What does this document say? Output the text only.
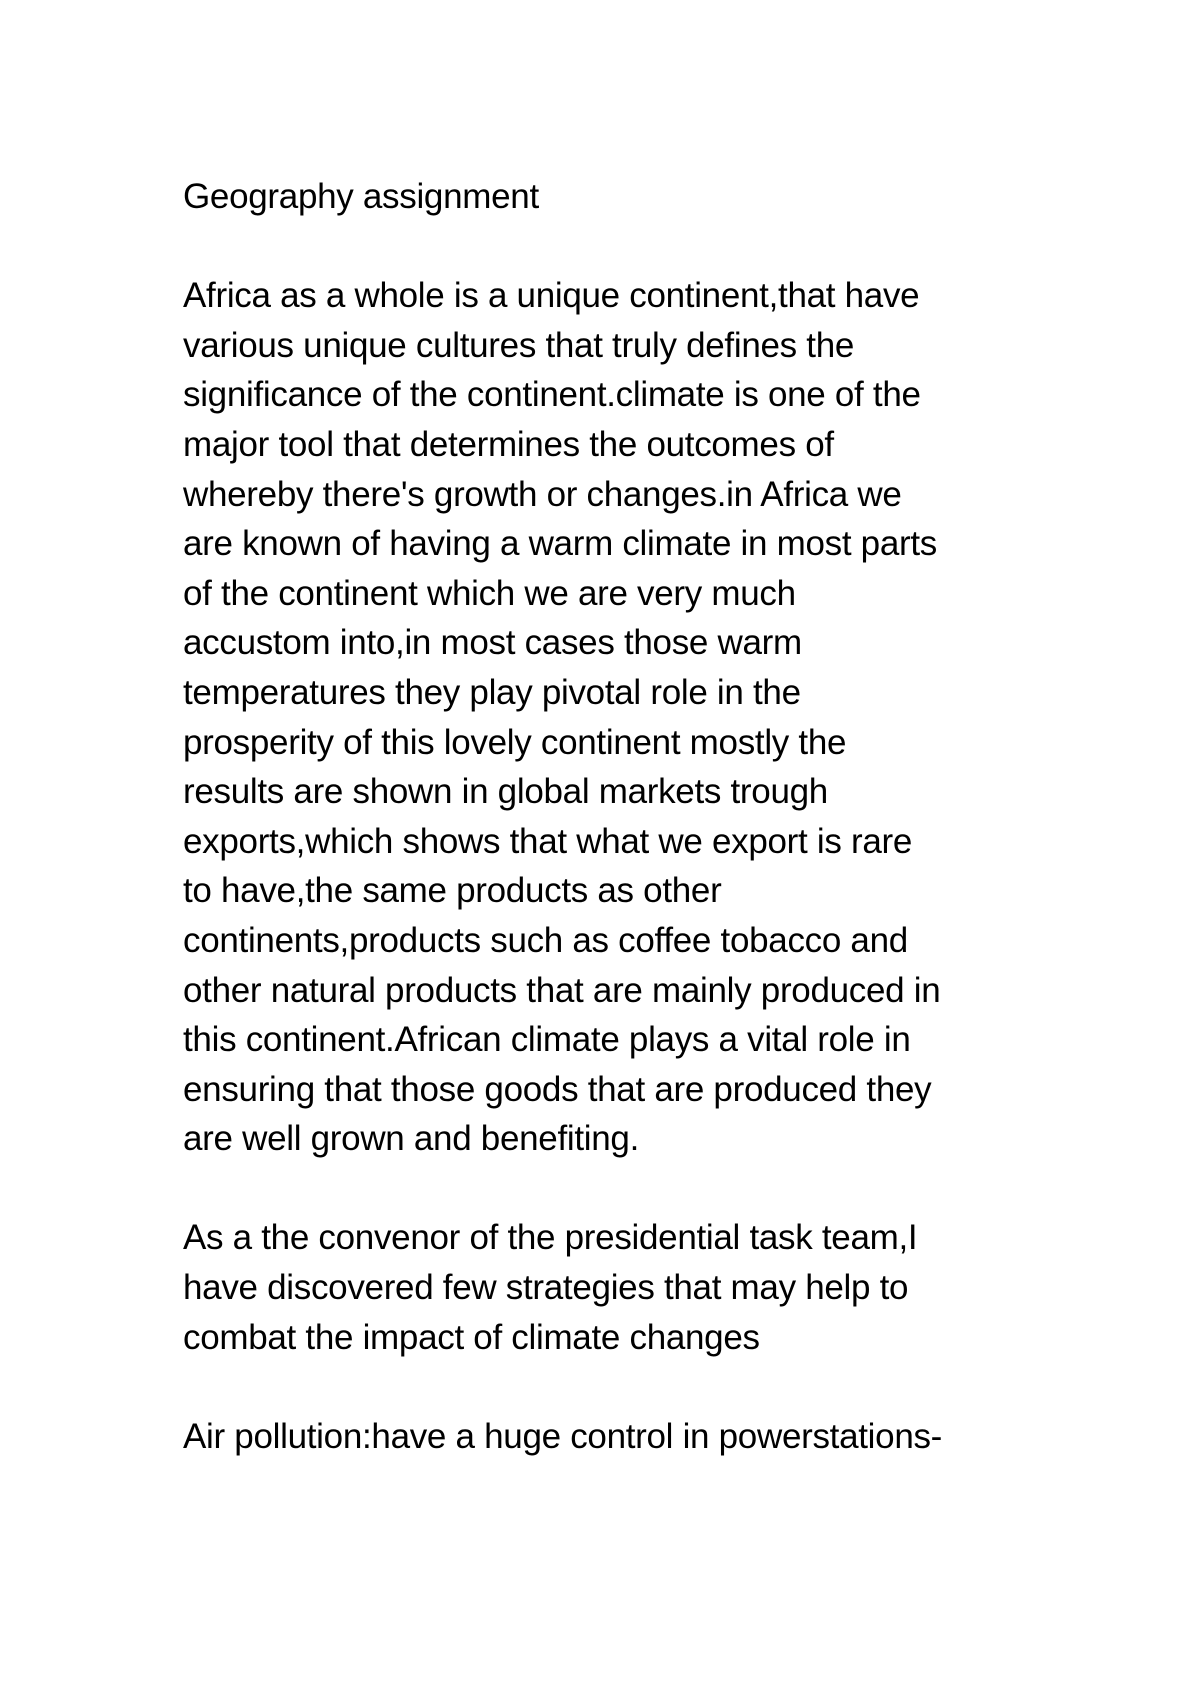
Geography assignment
Africa as a whole is a unique continent,that have
various unique cultures that truly defines the
significance of the continent.climate is one of the
major tool that determines the outcomes of
whereby there's growth or changes.in Africa we
are known of having a warm climate in most parts
of the continent which we are very much
accustom into,in most cases those warm
temperatures they play pivotal role in the
prosperity of this lovely continent mostly the
results are shown in global markets trough
exports,which shows that what we export is rare
to have,the same products as other
continents,products such as coffee tobacco and
other natural products that are mainly produced in
this continent.African climate plays a vital role in
ensuring that those goods that are produced they
are well grown and benefiting.
As a the convenor of the presidential task team,I
have discovered few strategies that may help to
combat the impact of climate changes
Air pollution:have a huge control in powerstations-
